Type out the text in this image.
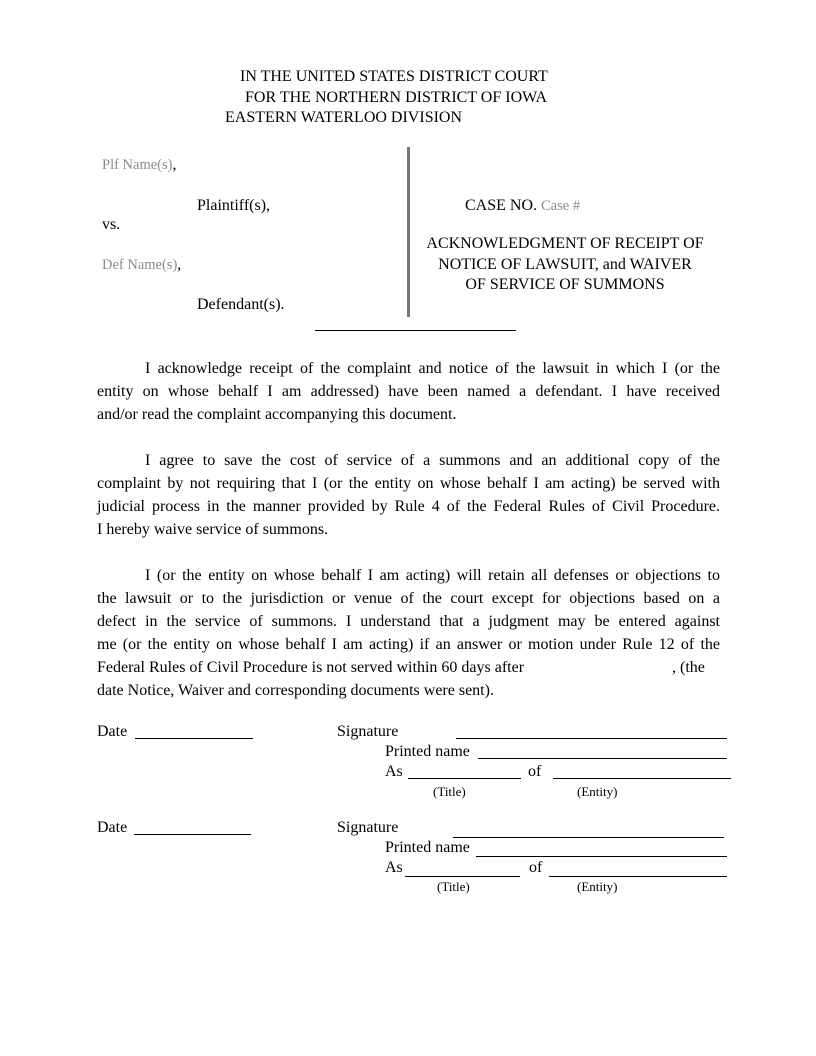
IN THE UNITED STATES DISTRICT COURT
FOR THE NORTHERN DISTRICT OF IOWA
EASTERN WATERLOO DIVISION
Plf Name(s),
Plaintiff(s),
vs.
Def Name(s),
Defendant(s).
CASE NO. Case #
ACKNOWLEDGMENT OF RECEIPT OF
NOTICE OF LAWSUIT, and WAIVER
OF SERVICE OF SUMMONS
I acknowledge receipt of the complaint and notice of the lawsuit in which I (or the
entity on whose behalf I am addressed) have been named a defendant. I have received
and/or read the complaint accompanying this document.
I agree to save the cost of service of a summons and an additional copy of the
complaint by not requiring that I (or the entity on whose behalf I am acting) be served with
judicial process in the manner provided by Rule 4 of the Federal Rules of Civil Procedure.
I hereby waive service of summons.
I (or the entity on whose behalf I am acting) will retain all defenses or objections to
the lawsuit or to the jurisdiction or venue of the court except for objections based on a
defect in the service of summons. I understand that a judgment may be entered against
me (or the entity on whose behalf I am acting) if an answer or motion under Rule 12 of the
Federal Rules of Civil Procedure is not served within 60 days after	, (the
date Notice, Waiver and corresponding documents were sent).
Date	Signature
Printed name
As	of
(Title)	(Entity)
Date	Signature
Printed name
As	of
(Title)	(Entity)
